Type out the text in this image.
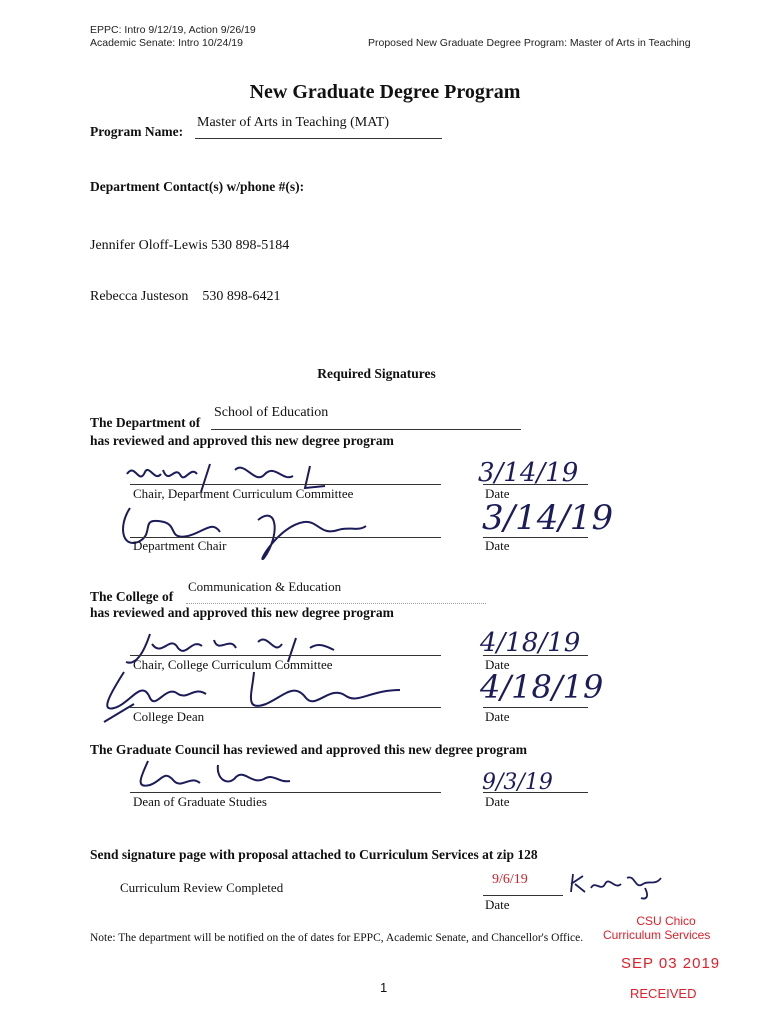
EPPC: Intro 9/12/19, Action 9/26/19
Academic Senate: Intro 10/24/19	Proposed New Graduate Degree Program: Master of Arts in Teaching
New Graduate Degree Program
Master of Arts in Teaching (MAT)
Program Name:
Department Contact(s) w/phone #(s):

Jennifer Oloff-Lewis 530 898-5184

Rebecca Justeson    530 898-6421

Required Signatures
School of Education
The Department of
has reviewed and approved this new degree program
Chair, Department Curriculum Committee
3/14/19
Date
Department Chair
3/14/19
Date
Communication & Education
The College of
has reviewed and approved this new degree program
Chair, College Curriculum Committee
4/18/19
Date
College Dean
4/18/19
Date
The Graduate Council has reviewed and approved this new degree program
Dean of Graduate Studies
9/3/19
Date
Send signature page with proposal attached to Curriculum Services at zip 128
Curriculum Review Completed
9/6/19
Date
Note: The department will be notified on the of dates for EPPC, Academic Senate, and Chancellor's Office.
CSU Chico
Curriculum Services
SEP 03 2019
RECEIVED
1
